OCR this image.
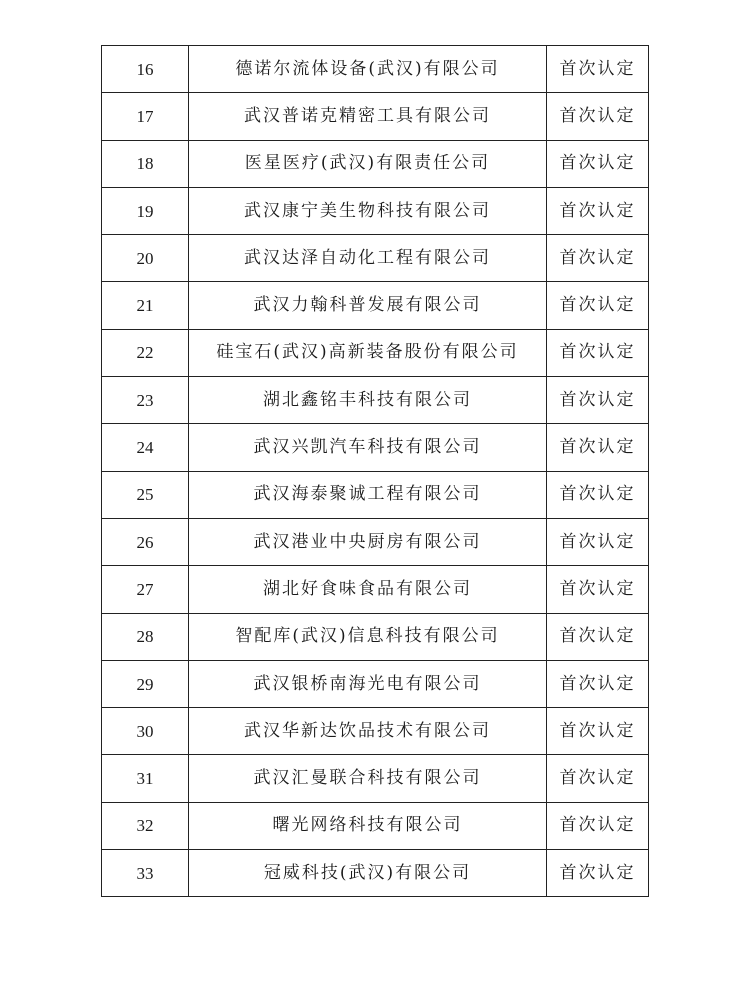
16	德诺尔流体设备(武汉)有限公司	首次认定
17	武汉普诺克精密工具有限公司	首次认定
18	医星医疗(武汉)有限责任公司	首次认定
19	武汉康宁美生物科技有限公司	首次认定
20	武汉达泽自动化工程有限公司	首次认定
21	武汉力翰科普发展有限公司	首次认定
22	硅宝石(武汉)高新装备股份有限公司	首次认定
23	湖北鑫铭丰科技有限公司	首次认定
24	武汉兴凯汽车科技有限公司	首次认定
25	武汉海泰聚诚工程有限公司	首次认定
26	武汉港业中央厨房有限公司	首次认定
27	湖北好食味食品有限公司	首次认定
28	智配库(武汉)信息科技有限公司	首次认定
29	武汉银桥南海光电有限公司	首次认定
30	武汉华新达饮品技术有限公司	首次认定
31	武汉汇曼联合科技有限公司	首次认定
32	曙光网络科技有限公司	首次认定
33	冠威科技(武汉)有限公司	首次认定
